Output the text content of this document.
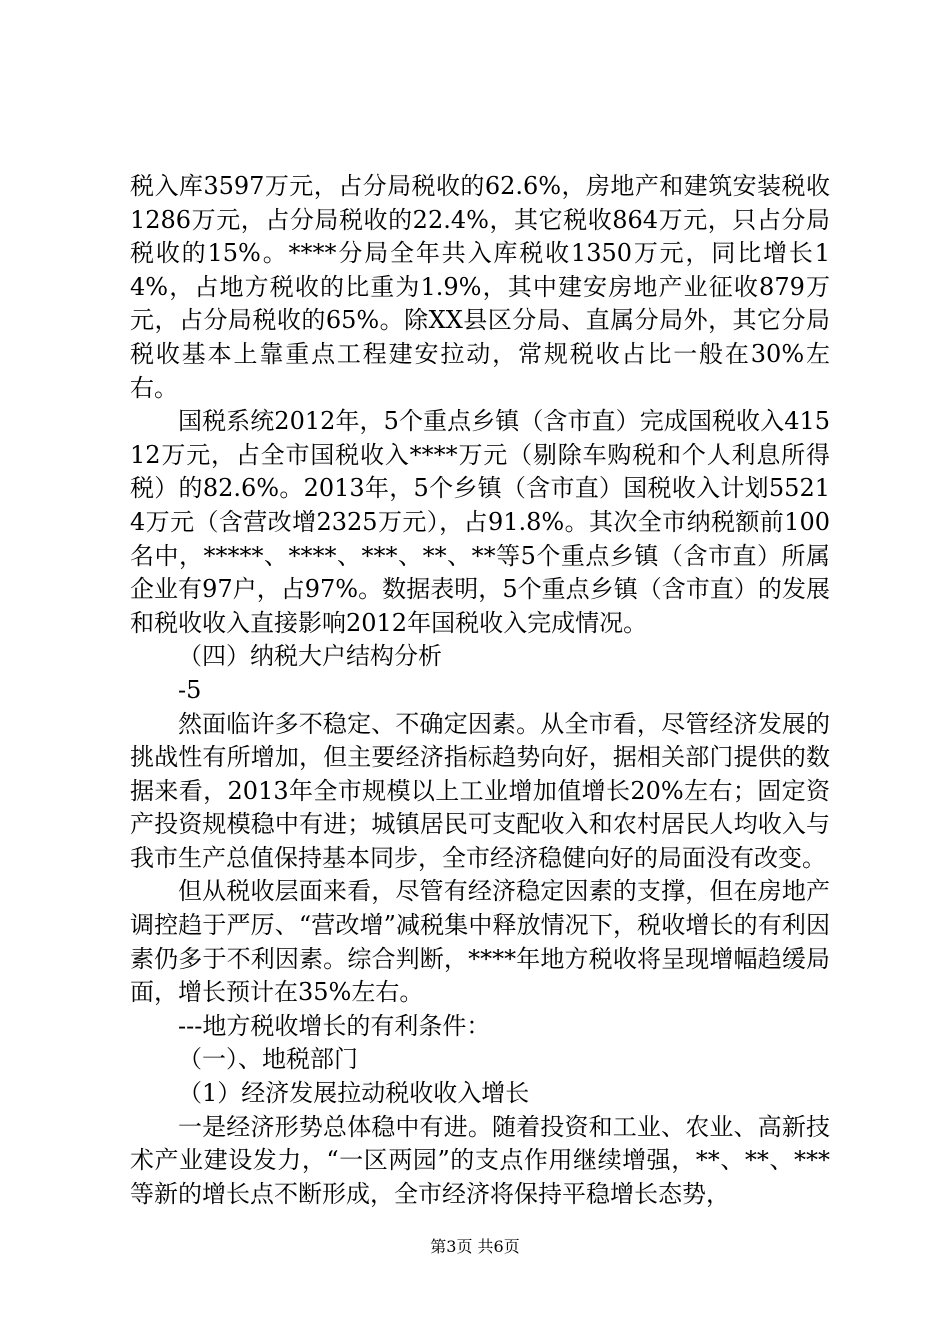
税入库3597万元，占分局税收的62.6%，房地产和建筑安装税收1286万元，占分局税收的22.4%，其它税收864万元，只占分局税收的15%。****分局全年共入库税收1350万元，同比增长14%，占地方税收的比重为1.9%，其中建安房地产业征收879万元，占分局税收的65%。除XX县区分局、直属分局外，其它分局税收基本上靠重点工程建安拉动，常规税收占比一般在30%左右。

国税系统2012年，5个重点乡镇（含市直）完成国税收入41512万元，占全市国税收入****万元（剔除车购税和个人利息所得税）的82.6%。2013年，5个乡镇（含市直）国税收入计划55214万元（含营改增2325万元），占91.8%。其次全市纳税额前100名中，*****、****、***、**、**等5个重点乡镇（含市直）所属企业有97户，占97%。数据表明，5个重点乡镇（含市直）的发展和税收收入直接影响2012年国税收入完成情况。

（四）纳税大户结构分析

-5

然面临许多不稳定、不确定因素。从全市看，尽管经济发展的挑战性有所增加，但主要经济指标趋势向好，据相关部门提供的数据来看，2013年全市规模以上工业增加值增长20%左右；固定资产投资规模稳中有进；城镇居民可支配收入和农村居民人均收入与我市生产总值保持基本同步，全市经济稳健向好的局面没有改变。

但从税收层面来看，尽管有经济稳定因素的支撑，但在房地产调控趋于严厉、“营改增”减税集中释放情况下，税收增长的有利因素仍多于不利因素。综合判断，****年地方税收将呈现增幅趋缓局面，增长预计在35%左右。

---地方税收增长的有利条件：

（一）、地税部门

（1）经济发展拉动税收收入增长

一是经济形势总体稳中有进。随着投资和工业、农业、高新技术产业建设发力，“一区两园”的支点作用继续增强，**、**、***等新的增长点不断形成，全市经济将保持平稳增长态势，

第3页 共6页
